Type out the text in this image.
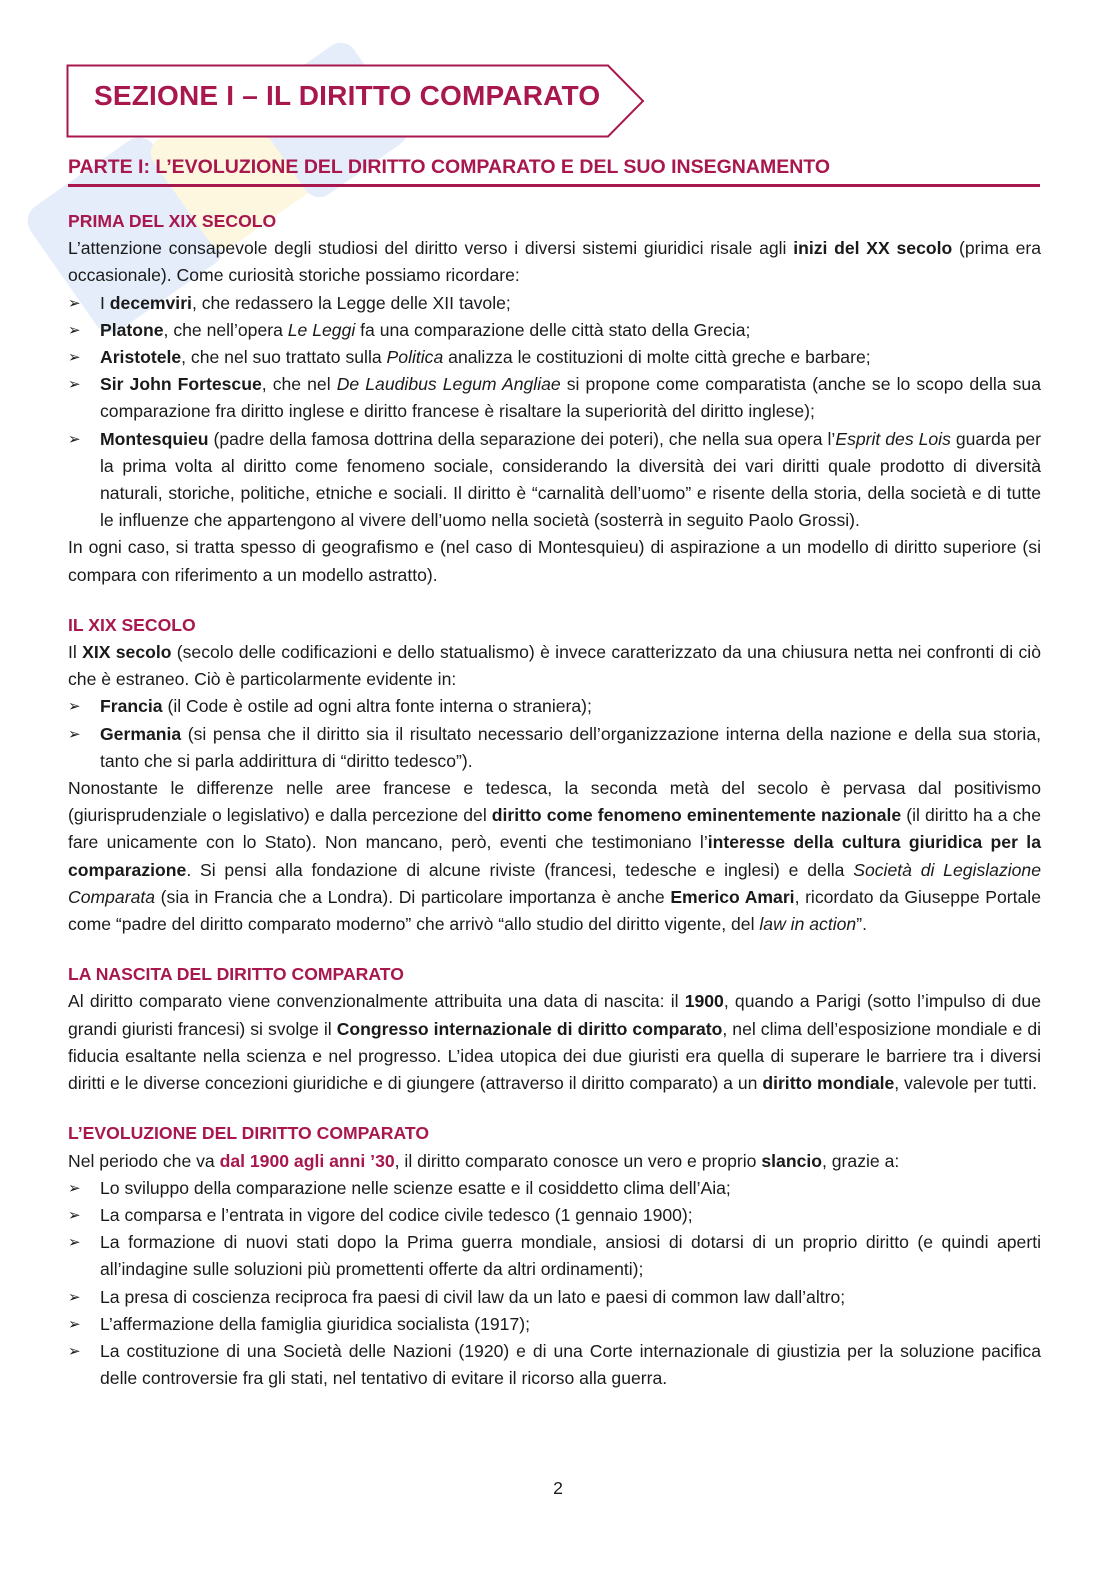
SEZIONE I – IL DIRITTO COMPARATO
PARTE I: L’EVOLUZIONE DEL DIRITTO COMPARATO E DEL SUO INSEGNAMENTO
PRIMA DEL XIX SECOLO

L’attenzione consapevole degli studiosi del diritto verso i diversi sistemi giuridici risale agli inizi del XX secolo (prima era occasionale). Come curiosità storiche possiamo ricordare:

➢	I decemviri, che redassero la Legge delle XII tavole;
➢	Platone, che nell’opera Le Leggi fa una comparazione delle città stato della Grecia;
➢	Aristotele, che nel suo trattato sulla Politica analizza le costituzioni di molte città greche e barbare;
➢	Sir John Fortescue, che nel De Laudibus Legum Angliae si propone come comparatista (anche se lo scopo della sua comparazione fra diritto inglese e diritto francese è risaltare la superiorità del diritto inglese);
➢	Montesquieu (padre della famosa dottrina della separazione dei poteri), che nella sua opera l’Esprit des Lois guarda per la prima volta al diritto come fenomeno sociale, considerando la diversità dei vari diritti quale prodotto di diversità naturali, storiche, politiche, etniche e sociali. Il diritto è “carnalità dell’uomo” e risente della storia, della società e di tutte le influenze che appartengono al vivere dell’uomo nella società (sosterrà in seguito Paolo Grossi).

In ogni caso, si tratta spesso di geografismo e (nel caso di Montesquieu) di aspirazione a un modello di diritto superiore (si compara con riferimento a un modello astratto).

IL XIX SECOLO

Il XIX secolo (secolo delle codificazioni e dello statualismo) è invece caratterizzato da una chiusura netta nei confronti di ciò che è estraneo. Ciò è particolarmente evidente in:

➢	Francia (il Code è ostile ad ogni altra fonte interna o straniera);
➢	Germania (si pensa che il diritto sia il risultato necessario dell’organizzazione interna della nazione e della sua storia, tanto che si parla addirittura di “diritto tedesco”).

Nonostante le differenze nelle aree francese e tedesca, la seconda metà del secolo è pervasa dal positivismo (giurisprudenziale o legislativo) e dalla percezione del diritto come fenomeno eminentemente nazionale (il diritto ha a che fare unicamente con lo Stato). Non mancano, però, eventi che testimoniano l’interesse della cultura giuridica per la comparazione. Si pensi alla fondazione di alcune riviste (francesi, tedesche e inglesi) e della Società di Legislazione Comparata (sia in Francia che a Londra). Di particolare importanza è anche Emerico Amari, ricordato da Giuseppe Portale come “padre del diritto comparato moderno” che arrivò “allo studio del diritto vigente, del law in action”.

LA NASCITA DEL DIRITTO COMPARATO

Al diritto comparato viene convenzionalmente attribuita una data di nascita: il 1900, quando a Parigi (sotto l’impulso di due grandi giuristi francesi) si svolge il Congresso internazionale di diritto comparato, nel clima dell’esposizione mondiale e di fiducia esaltante nella scienza e nel progresso. L’idea utopica dei due giuristi era quella di superare le barriere tra i diversi diritti e le diverse concezioni giuridiche e di giungere (attraverso il diritto comparato) a un diritto mondiale, valevole per tutti.

L’EVOLUZIONE DEL DIRITTO COMPARATO

Nel periodo che va dal 1900 agli anni ’30, il diritto comparato conosce un vero e proprio slancio, grazie a:

➢	Lo sviluppo della comparazione nelle scienze esatte e il cosiddetto clima dell’Aia;
➢	La comparsa e l’entrata in vigore del codice civile tedesco (1 gennaio 1900);
➢	La formazione di nuovi stati dopo la Prima guerra mondiale, ansiosi di dotarsi di un proprio diritto (e quindi aperti all’indagine sulle soluzioni più promettenti offerte da altri ordinamenti);
➢	La presa di coscienza reciproca fra paesi di civil law da un lato e paesi di common law dall’altro;
➢	L’affermazione della famiglia giuridica socialista (1917);
➢	La costituzione di una Società delle Nazioni (1920) e di una Corte internazionale di giustizia per la soluzione pacifica delle controversie fra gli stati, nel tentativo di evitare il ricorso alla guerra.
2
